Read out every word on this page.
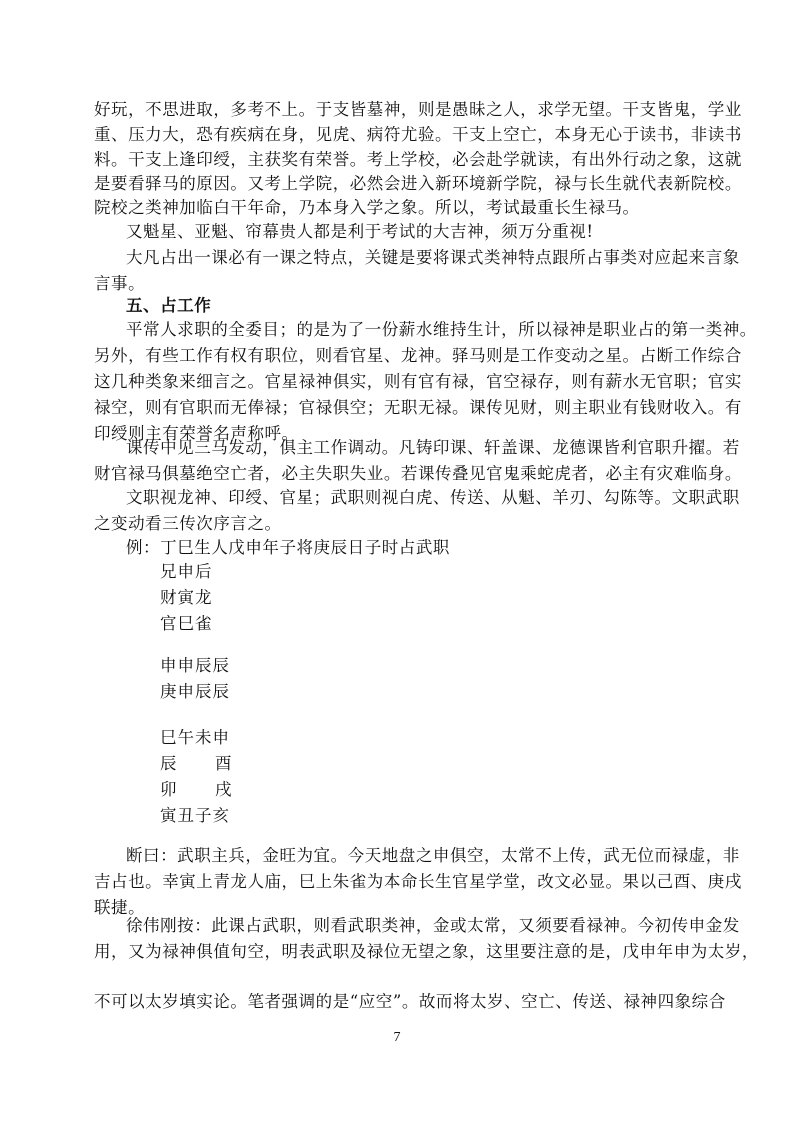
好玩，不思进取，多考不上。于支皆墓神，则是愚昧之人，求学无望。干支皆鬼，学业
重、压力大，恐有疾病在身，见虎、病符尤验。干支上空亡，本身无心于读书，非读书
料。干支上逢印绶，主获奖有荣誉。考上学校，必会赴学就读，有出外行动之象，这就
是要看驿马的原因。又考上学院，必然会进入新环境新学院，禄与长生就代表新院校。
院校之类神加临白干年命，乃本身入学之象。所以，考试最重长生禄马。
又魁星、亚魁、帘幕贵人都是利于考试的大吉神，须万分重视!
大凡占出一课必有一课之特点，关键是要将课式类神特点跟所占事类对应起来言象
言事。
五、占工作
平常人求职的全委目；的是为了一份薪水维持生计，所以禄神是职业占的第一类神。
另外，有些工作有权有职位，则看官星、龙神。驿马则是工作变动之星。占断工作综合
这几种类象来细言之。官星禄神俱实，则有官有禄，官空禄存，则有薪水无官职；官实
禄空，则有官职而无俸禄；官禄俱空；无职无禄。课传见财，则主职业有钱财收入。有
印绶则主有荣誉名声称呼。
课传中见三马发动，俱主工作调动。凡铸印课、轩盖课、龙德课皆利官职升擢。若
财官禄马俱墓绝空亡者，必主失职失业。若课传叠见官鬼乘蛇虎者，必主有灾难临身。
文职视龙神、印绶、官星；武职则视白虎、传送、从魁、羊刃、勾陈等。文职武职
之变动看三传次序言之。
例：丁巳生人戊申年子将庚辰日子时占武职
兄申后
财寅龙
官巳雀
申申辰辰
庚申辰辰
巳午未申
辰      酉
卯      戌
寅丑子亥
断曰：武职主兵，金旺为宜。今天地盘之申俱空，太常不上传，武无位而禄虚，非
吉占也。幸寅上青龙人庙，巳上朱雀为本命长生官星学堂，改文必显。果以己酉、庚戌
联捷。
徐伟刚按：此课占武职，则看武职类神，金或太常，又须要看禄神。今初传申金发
用，又为禄神俱值旬空，明表武职及禄位无望之象，这里要注意的是，戊申年申为太岁，
7
不可以太岁填实论。笔者强调的是“应空”。故而将太岁、空亡、传送、禄神四象综合
